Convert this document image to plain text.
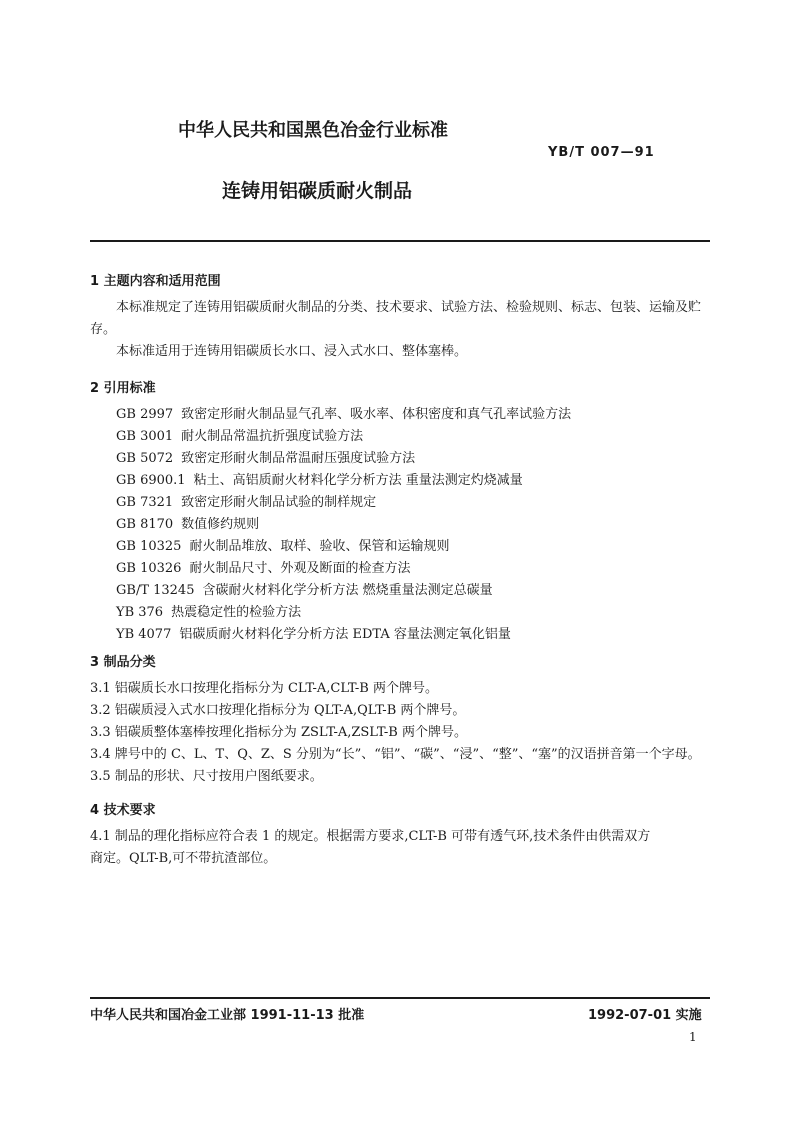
中华人民共和国黑色冶金行业标准
YB/T 007—91
连铸用铝碳质耐火制品
1 主题内容和适用范围
本标准规定了连铸用铝碳质耐火制品的分类、技术要求、试验方法、检验规则、标志、包装、运输及贮
存。
本标准适用于连铸用铝碳质长水口、浸入式水口、整体塞棒。
2 引用标准
GB 2997 致密定形耐火制品显气孔率、吸水率、体积密度和真气孔率试验方法
GB 3001 耐火制品常温抗折强度试验方法
GB 5072 致密定形耐火制品常温耐压强度试验方法
GB 6900.1 粘土、高铝质耐火材料化学分析方法 重量法测定灼烧减量
GB 7321 致密定形耐火制品试验的制样规定
GB 8170 数值修约规则
GB 10325 耐火制品堆放、取样、验收、保管和运输规则
GB 10326 耐火制品尺寸、外观及断面的检查方法
GB/T 13245 含碳耐火材料化学分析方法 燃烧重量法测定总碳量
YB 376 热震稳定性的检验方法
YB 4077 铝碳质耐火材料化学分析方法 EDTA 容量法测定氧化铝量
3 制品分类
3.1 铝碳质长水口按理化指标分为 CLT-A,CLT-B 两个牌号。
3.2 铝碳质浸入式水口按理化指标分为 QLT-A,QLT-B 两个牌号。
3.3 铝碳质整体塞棒按理化指标分为 ZSLT-A,ZSLT-B 两个牌号。
3.4 牌号中的 C、L、T、Q、Z、S 分别为“长”、“铝”、“碳”、“浸”、“整”、“塞”的汉语拼音第一个字母。
3.5 制品的形状、尺寸按用户图纸要求。
4 技术要求
4.1 制品的理化指标应符合表 1 的规定。根据需方要求,CLT-B 可带有透气环,技术条件由供需双方
商定。QLT-B,可不带抗渣部位。
中华人民共和国冶金工业部 1991-11-13 批准	1992-07-01 实施
1
